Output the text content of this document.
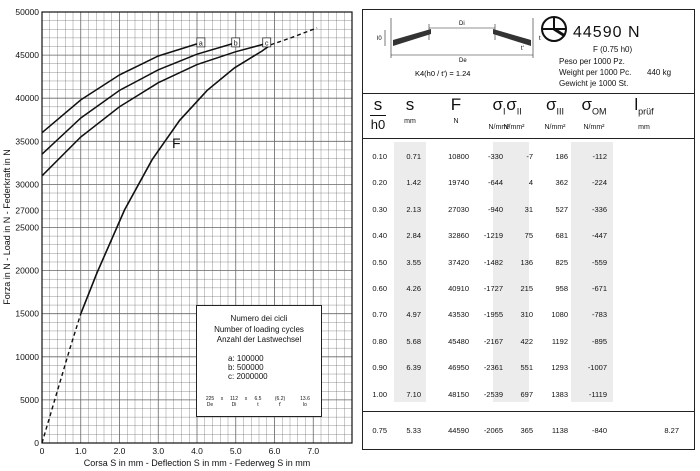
0
5000
10000
15000
20000
25000
27000
30000
35000
40000
45000
50000
0	1.0	2.0	3.0	4.0	5.0	6.0	7.0
a	b	c
Forza in N - Load in N - Federkraft in N
Corsa S in mm - Deflection S in mm - Federweg S in mm
F
Numero dei cicli
Number of loading cycles
Anzahl der Lastwechsel
a: 100000
b: 500000
c: 2000000
225 x 112 x 6.5	(6.2)	13.6
De	Di	t	t'	lo
Di
De
l0	t
t'
K4(h0 / t') = 1.24
44590 N
F (0.75 h0)
Peso per 1000 Pz.
Weight per 1000 Pc. 440 kg
Gewicht je 1000 St.
s
h0
s
mm
F
N
$\sigma_I$
N/mm²
$\sigma_{II}$
N/mm²
$\sigma_{III}$
N/mm²
$\sigma_{OM}$
N/mm²
$l_{prüf}$
mm
0.10	0.71	10800	-330	-7	186	-112
0.20	1.42	19740	-644	4	362	-224
0.30	2.13	27030	-940	31	527	-336
0.40	2.84	32860 -1219	75	681	-447
0.50	3.55	37420 -1482 136	825	-559
0.60	4.26	40910 -1727 215	958	-671
0.70	4.97	43530 -1955 310 1080	-783
0.80	5.68	45480 -2167 422	1192	-895
0.90	6.39	46950 -2361 551 1293	-1007
1.00	7.10	48150 -2539 697 1383	-1119
0.75	5.33	44590 -2065 365	1138	-840	8.27
